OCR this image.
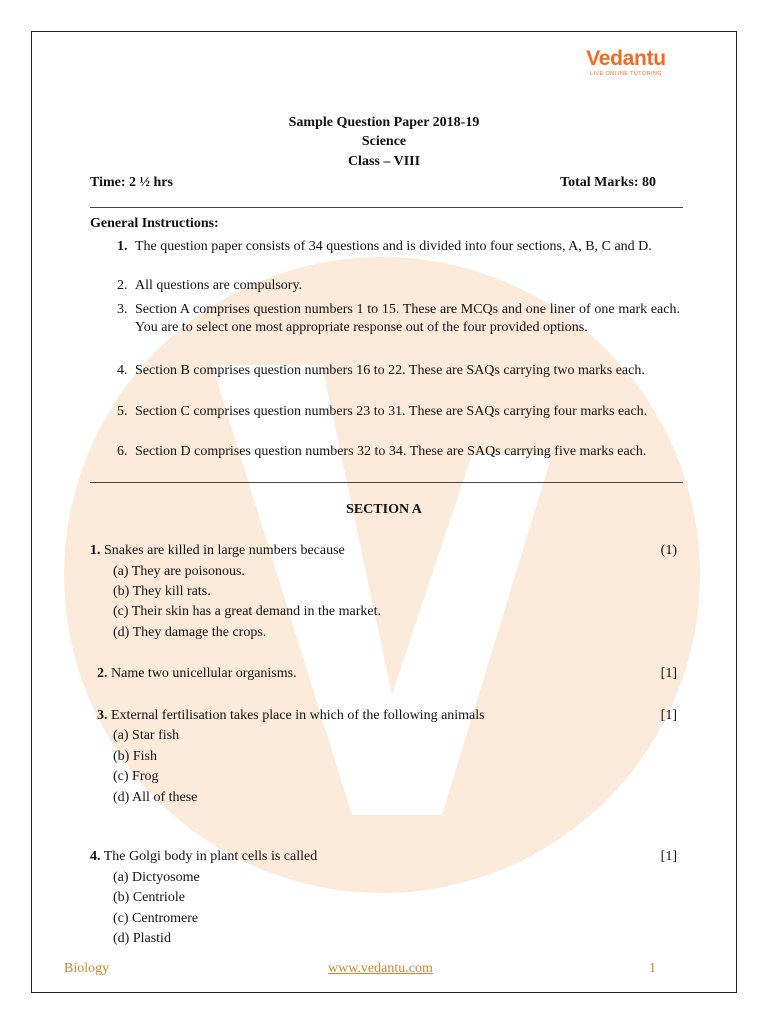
Vedantu
LIVE ONLINE TUTORING
Sample Question Paper 2018-19
Science
Class – VIII
Time: 2 ½ hrs	Total Marks: 80
General Instructions:
1. The question paper consists of 34 questions and is divided into four sections, A, B, C and D.
2. All questions are compulsory.
3. Section A comprises question numbers 1 to 15. These are MCQs and one liner of one mark each. You are to select one most appropriate response out of the four provided options.
4. Section B comprises question numbers 16 to 22. These are SAQs carrying two marks each.
5. Section C comprises question numbers 23 to 31. These are SAQs carrying four marks each.
6. Section D comprises question numbers 32 to 34. These are SAQs carrying five marks each.
SECTION A
1. Snakes are killed in large numbers because	(1)
(a) They are poisonous.
(b) They kill rats.
(c) Their skin has a great demand in the market.
(d) They damage the crops.
2. Name two unicellular organisms.	[1]
3. External fertilisation takes place in which of the following animals	[1]
(a) Star fish
(b) Fish
(c) Frog
(d) All of these
4. The Golgi body in plant cells is called	[1]
(a) Dictyosome
(b) Centriole
(c) Centromere
(d) Plastid
Biology	www.vedantu.com	1
